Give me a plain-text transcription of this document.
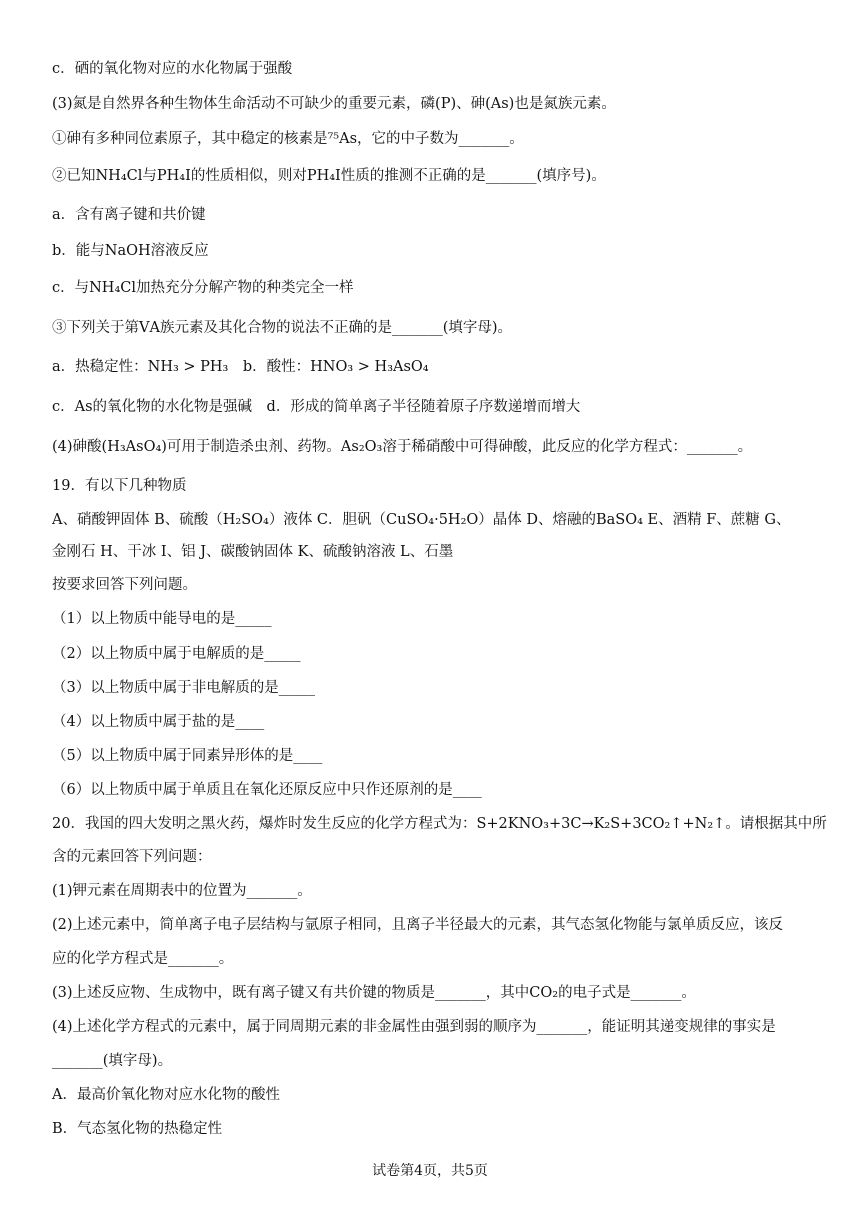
c．硒的氧化物对应的水化物属于强酸
(3)氮是自然界各种生物体生命活动不可缺少的重要元素，磷(P)、砷(As)也是氮族元素。
①砷有多种同位素原子，其中稳定的核素是⁷⁵As，它的中子数为_______。
②已知NH₄Cl与PH₄I的性质相似，则对PH₄I性质的推测不正确的是_______(填序号)。
a．含有离子键和共价键
b．能与NaOH溶液反应
c．与NH₄Cl加热充分分解产物的种类完全一样
③下列关于第ⅤA族元素及其化合物的说法不正确的是_______(填字母)。
a．热稳定性：NH₃ > PH₃　b．酸性：HNO₃ > H₃AsO₄
c．As的氧化物的水化物是强碱　d．形成的简单离子半径随着原子序数递增而增大
(4)砷酸(H₃AsO₄)可用于制造杀虫剂、药物。As₂O₃溶于稀硝酸中可得砷酸，此反应的化学方程式：_______。
19．有以下几种物质
A、硝酸钾固体 B、硫酸（H₂SO₄）液体 C．胆矾（CuSO₄·5H₂O）晶体 D、熔融的BaSO₄ E、酒精 F、蔗糖 G、
金刚石 H、干冰 I、铝 J、碳酸钠固体 K、硫酸钠溶液 L、石墨
按要求回答下列问题。
（1）以上物质中能导电的是_____
（2）以上物质中属于电解质的是_____
（3）以上物质中属于非电解质的是_____
（4）以上物质中属于盐的是____
（5）以上物质中属于同素异形体的是____
（6）以上物质中属于单质且在氧化还原反应中只作还原剂的是____
20．我国的四大发明之黑火药，爆炸时发生反应的化学方程式为：S+2KNO₃+3C→K₂S+3CO₂↑+N₂↑。请根据其中所
含的元素回答下列问题：
(1)钾元素在周期表中的位置为_______。
(2)上述元素中，简单离子电子层结构与氩原子相同，且离子半径最大的元素，其气态氢化物能与氯单质反应，该反
应的化学方程式是_______。
(3)上述反应物、生成物中，既有离子键又有共价键的物质是_______，其中CO₂的电子式是_______。
(4)上述化学方程式的元素中，属于同周期元素的非金属性由强到弱的顺序为_______，能证明其递变规律的事实是
_______(填字母)。
A．最高价氧化物对应水化物的酸性
B．气态氢化物的热稳定性
试卷第4页，共5页
